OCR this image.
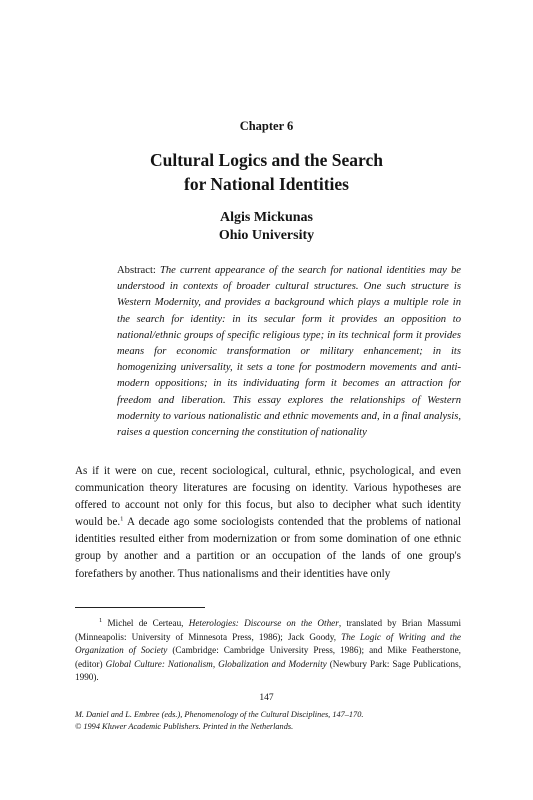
Chapter 6
Cultural Logics and the Search
for National Identities
Algis Mickunas
Ohio University
Abstract: The current appearance of the search for national identities may be understood in contexts of broader cultural structures. One such structure is Western Modernity, and provides a background which plays a multiple role in the search for identity: in its secular form it provides an opposition to national/ethnic groups of specific religious type; in its technical form it provides means for economic transformation or military enhancement; in its homogenizing universality, it sets a tone for postmodern movements and anti-modern oppositions; in its individuating form it becomes an attraction for freedom and liberation. This essay explores the relationships of Western modernity to various nationalistic and ethnic movements and, in a final analysis, raises a question concerning the constitution of nationality
As if it were on cue, recent sociological, cultural, ethnic, psychological, and even communication theory literatures are focusing on identity. Various hypotheses are offered to account not only for this focus, but also to decipher what such identity would be.$^1$ A decade ago some sociologists contended that the problems of national identities resulted either from modernization or from some domination of one ethnic group by another and a partition or an occupation of the lands of one group's forefathers by another. Thus nationalisms and their identities have only
$^1$ Michel de Certeau, Heterologies: Discourse on the Other, translated by Brian Massumi (Minneapolis: University of Minnesota Press, 1986); Jack Goody, The Logic of Writing and the Organization of Society (Cambridge: Cambridge University Press, 1986); and Mike Featherstone, (editor) Global Culture: Nationalism, Globalization and Modernity (Newbury Park: Sage Publications, 1990).
147
M. Daniel and L. Embree (eds.), Phenomenology of the Cultural Disciplines, 147–170.
© 1994 Kluwer Academic Publishers. Printed in the Netherlands.
